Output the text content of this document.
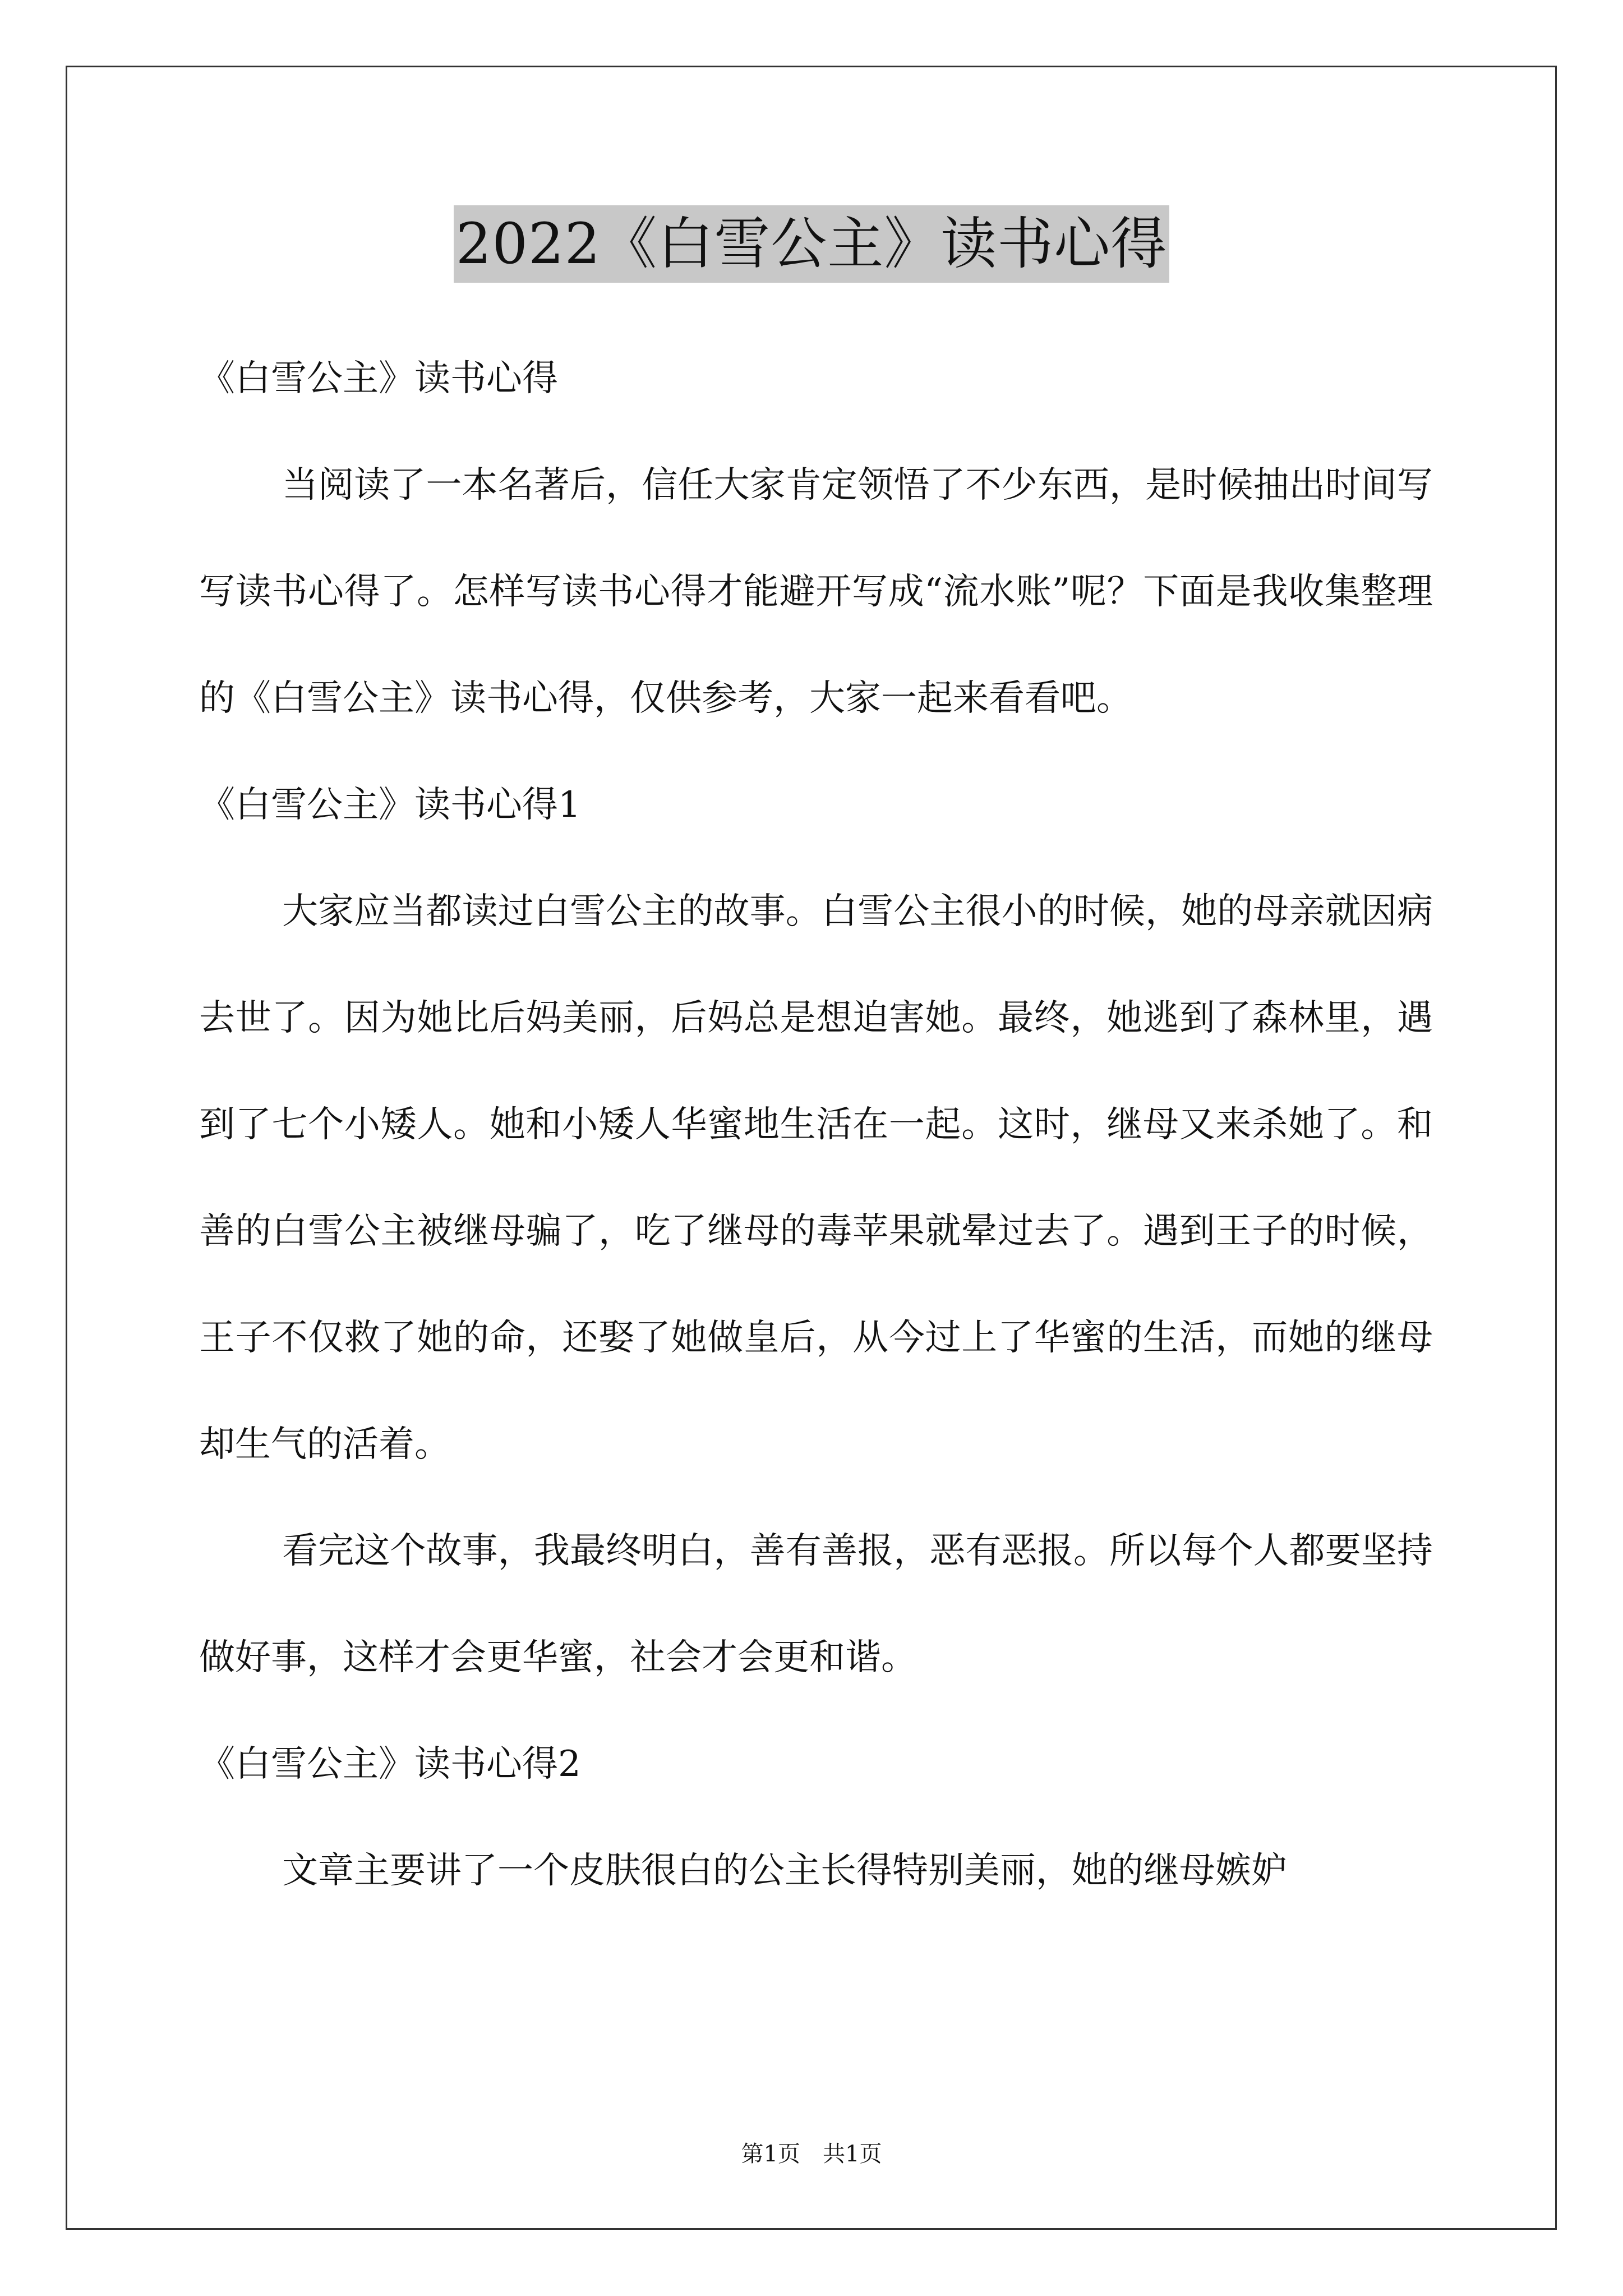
2022《白雪公主》读书心得
《白雪公主》读书心得

当阅读了一本名著后，信任大家肯定领悟了不少东西，是时候抽出时间写写读书心得了。怎样写读书心得才能避开写成“流水账”呢？下面是我收集整理的《白雪公主》读书心得，仅供参考，大家一起来看看吧。

《白雪公主》读书心得1

大家应当都读过白雪公主的故事。白雪公主很小的时候，她的母亲就因病去世了。因为她比后妈美丽，后妈总是想迫害她。最终，她逃到了森林里，遇到了七个小矮人。她和小矮人华蜜地生活在一起。这时，继母又来杀她了。和善的白雪公主被继母骗了，吃了继母的毒苹果就晕过去了。遇到王子的时候，王子不仅救了她的命，还娶了她做皇后，从今过上了华蜜的生活，而她的继母却生气的活着。

看完这个故事，我最终明白，善有善报，恶有恶报。所以每个人都要坚持做好事，这样才会更华蜜，社会才会更和谐。

《白雪公主》读书心得2

文章主要讲了一个皮肤很白的公主长得特别美丽，她的继母嫉妒

第1页 共1页
